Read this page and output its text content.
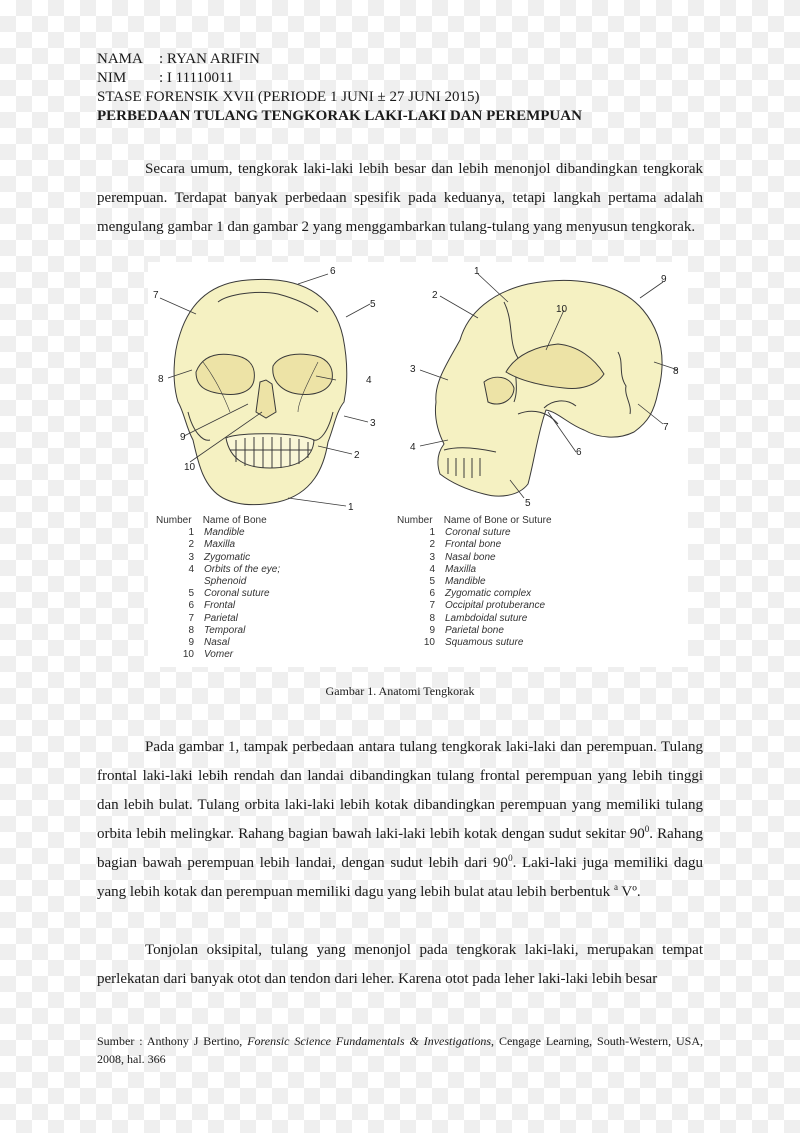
NAMA : RYAN ARIFIN
NIM : I 11110011
STASE FORENSIK XVII (PERIODE 1 JUNI ± 27 JUNI 2015)
PERBEDAAN TULANG TENGKORAK LAKI-LAKI DAN PEREMPUAN
Secara umum, tengkorak laki-laki lebih besar dan lebih menonjol dibandingkan tengkorak perempuan. Terdapat banyak perbedaan spesifik pada keduanya, tetapi langkah pertama adalah mengulang gambar 1 dan gambar 2 yang menggambarkan tulang-tulang yang menyusun tengkorak.
6
5
7
8	4
3
2
1
9
10
1
2
10
9
3	8
4	6
7
5
Number Name of Bone
1 Mandible
2 Maxilla
3 Zygomatic
4 Orbits of the eye;
Sphenoid
5 Coronal suture
6 Frontal
7 Parietal
8 Temporal
9 Nasal
10 Vomer
Number Name of Bone or Suture
1 Coronal suture
2 Frontal bone
3 Nasal bone
4 Maxilla
5 Mandible
6 Zygomatic complex
7 Occipital protuberance
8 Lambdoidal suture
9 Parietal bone
10 Squamous suture
Gambar 1. Anatomi Tengkorak
Pada gambar 1, tampak perbedaan antara tulang tengkorak laki-laki dan perempuan. Tulang frontal laki-laki lebih rendah dan landai dibandingkan tulang frontal perempuan yang lebih tinggi dan lebih bulat. Tulang orbita laki-laki lebih kotak dibandingkan perempuan yang memiliki tulang orbita lebih melingkar. Rahang bagian bawah laki-laki lebih kotak dengan sudut sekitar $90^0$. Rahang bagian bawah perempuan lebih landai, dengan sudut lebih dari $90^0$. Laki-laki juga memiliki dagu yang lebih kotak dan perempuan memiliki dagu yang lebih bulat atau lebih berbentuk $^a$ Vº.
Tonjolan oksipital, tulang yang menonjol pada tengkorak laki-laki, merupakan tempat perlekatan dari banyak otot dan tendon dari leher. Karena otot pada leher laki-laki lebih besar
Sumber : Anthony J Bertino, Forensic Science Fundamentals & Investigations, Cengage Learning, South-Western, USA, 2008, hal. 366
